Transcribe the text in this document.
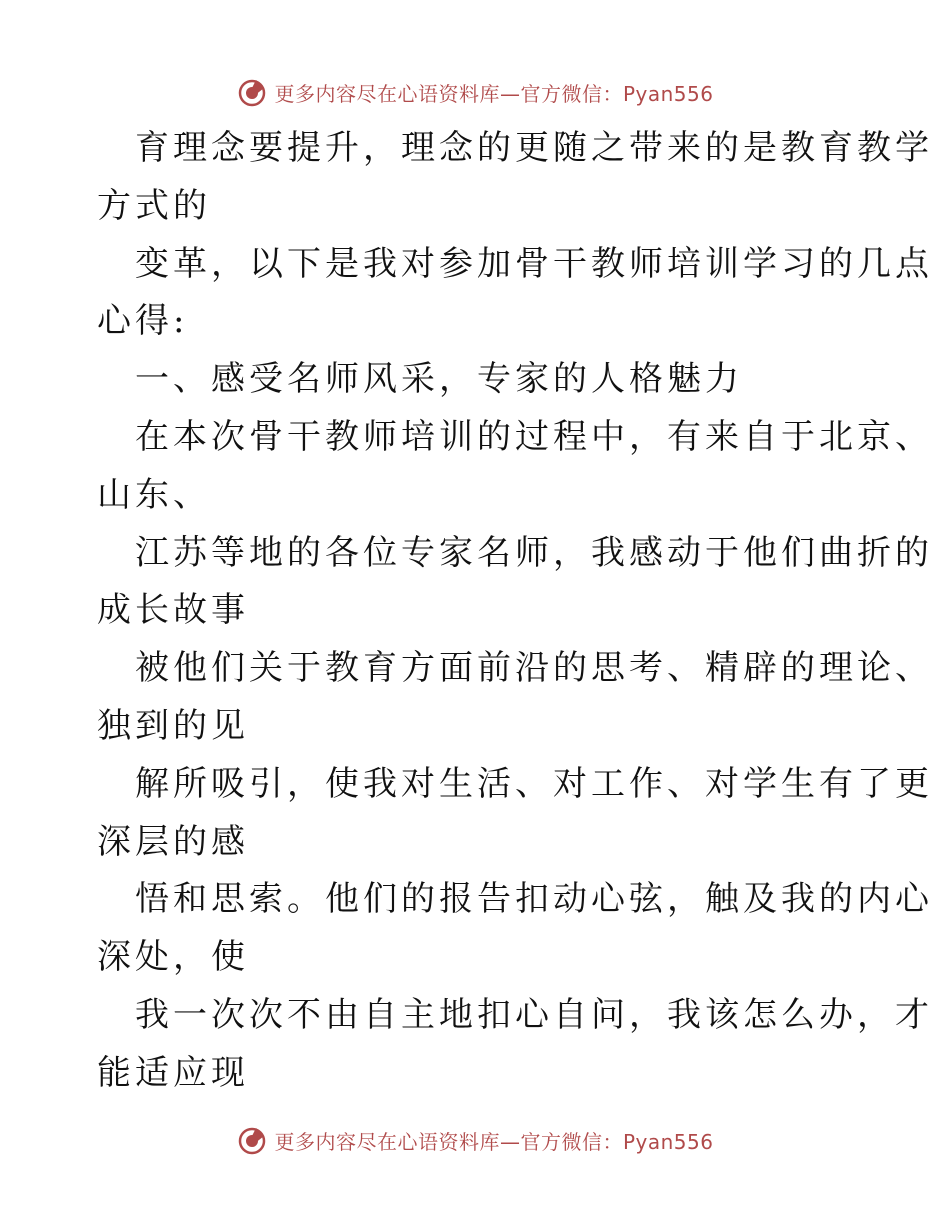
更多内容尽在心语资料库—官方微信：Pyan556
育理念要提升，理念的更随之带来的是教育教学
方式的
变革，以下是我对参加骨干教师培训学习的几点
心得:
一、感受名师风采，专家的人格魅力
在本次骨干教师培训的过程中，有来自于北京、
山东、
江苏等地的各位专家名师，我感动于他们曲折的
成长故事
被他们关于教育方面前沿的思考、精辟的理论、
独到的见
解所吸引，使我对生活、对工作、对学生有了更
深层的感
悟和思索。他们的报告扣动心弦，触及我的内心
深处，使
我一次次不由自主地扣心自问，我该怎么办，才
能适应现
更多内容尽在心语资料库—官方微信：Pyan556
